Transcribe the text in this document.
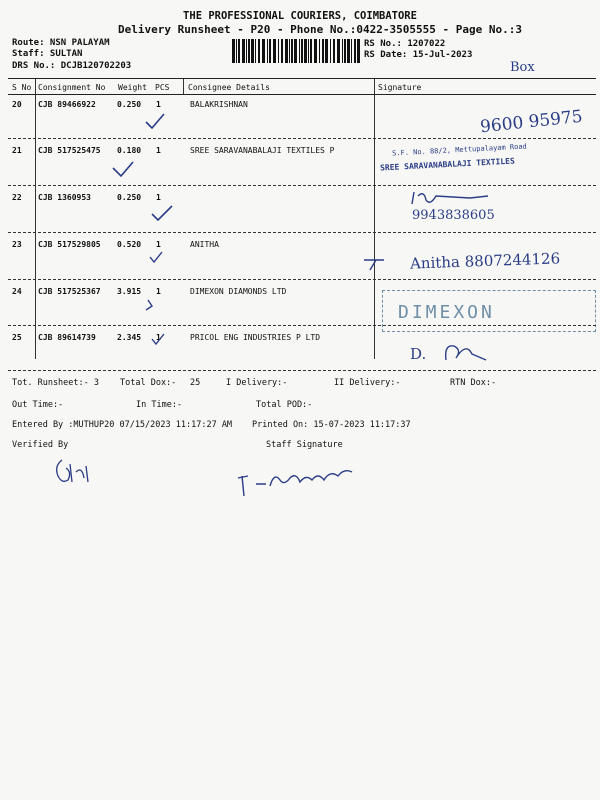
THE PROFESSIONAL COURIERS, COIMBATORE
Delivery Runsheet - P20 - Phone No.:0422-3505555 - Page No.:3
Route: NSN PALAYAM
Staff: SULTAN
DRS No.: DCJB120702203
RS No.: 1207022
RS Date: 15-Jul-2023
Box
S No Consignment No Weight PCS Consignee Details	Signature
20 CJB 89466922	0.250 1	BALAKRISHNAN
9600 95975
21 CJB 517525475 0.180 1	SREE SARAVANABALAJI TEXTILES P	S.F. No. 88/2, Mettupalayam Road
SREE SARAVANABALAJI TEXTILES
22 CJB 1360953	0.250 1
9943838605
23 CJB 517529805 0.520 1	ANITHA
Anitha 8807244126
24 CJB 517525367 3.915 1	DIMEXON DIAMONDS LTD
DIMEXON
25 CJB 89614739	2.345 1	PRICOL ENG INDUSTRIES P LTD
D.
Tot. Runsheet:- 3 Total Dox:- 25	I Delivery:-	II Delivery:-	RTN Dox:-
Out Time:-	In Time:-	Total POD:-
Entered By :MUTHUP20 07/15/2023 11:17:27 AM Printed On: 15-07-2023 11:17:37
Verified By	Staff Signature
